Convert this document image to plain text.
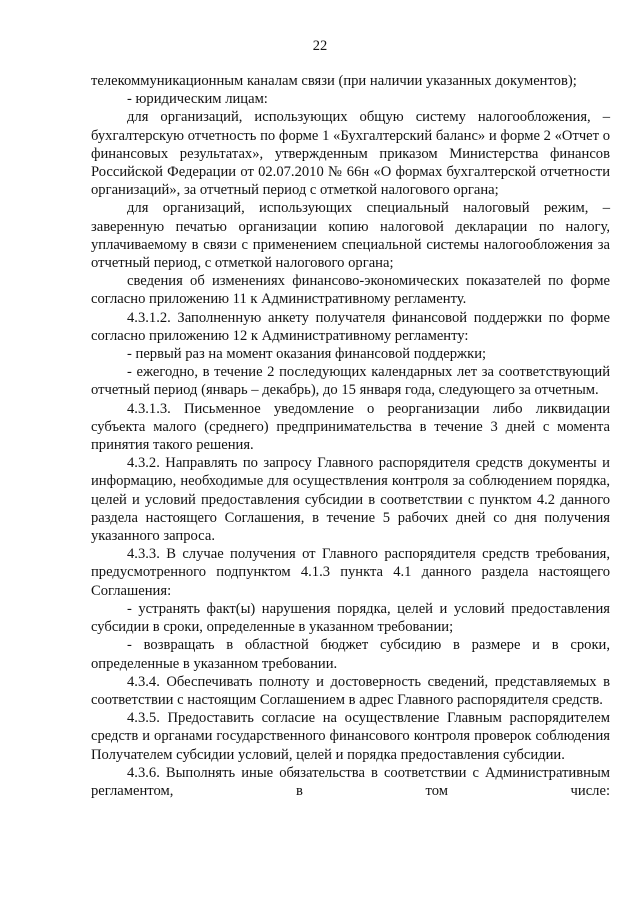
22

телекоммуникационным каналам связи (при наличии указанных документов);

- юридическим лицам:

для организаций, использующих общую систему налогообложения, – бухгалтерскую отчетность по форме 1 «Бухгалтерский баланс» и форме 2 «Отчет о финансовых результатах», утвержденным приказом Министерства финансов Российской Федерации от 02.07.2010 № 66н «О формах бухгалтерской отчетности организаций», за отчетный период с отметкой налогового органа;

для организаций, использующих специальный налоговый режим, – заверенную печатью организации копию налоговой декларации по налогу, уплачиваемому в связи с применением специальной системы налогообложения за отчетный период, с отметкой налогового органа;

сведения об изменениях финансово-экономических показателей по форме согласно приложению 11 к Административному регламенту.

4.3.1.2. Заполненную анкету получателя финансовой поддержки по форме согласно приложению 12 к Административному регламенту:

- первый раз на момент оказания финансовой поддержки;

- ежегодно, в течение 2 последующих календарных лет за соответствующий отчетный период (январь – декабрь), до 15 января года, следующего за отчетным.

4.3.1.3. Письменное уведомление о реорганизации либо ликвидации субъекта малого (среднего) предпринимательства в течение 3 дней с момента принятия такого решения.

4.3.2. Направлять по запросу Главного распорядителя средств документы и информацию, необходимые для осуществления контроля за соблюдением порядка, целей и условий предоставления субсидии в соответствии с пунктом 4.2 данного раздела настоящего Соглашения, в течение 5 рабочих дней со дня получения указанного запроса.

4.3.3. В случае получения от Главного распорядителя средств требования, предусмотренного подпунктом 4.1.3 пункта 4.1 данного раздела настоящего Соглашения:

- устранять факт(ы) нарушения порядка, целей и условий предоставления субсидии в сроки, определенные в указанном требовании;

- возвращать в областной бюджет субсидию в размере и в сроки, определенные в указанном требовании.

4.3.4. Обеспечивать полноту и достоверность сведений, представляемых в соответствии с настоящим Соглашением в адрес Главного распорядителя средств.

4.3.5. Предоставить согласие на осуществление Главным распорядителем средств и органами государственного финансового контроля проверок соблюдения Получателем субсидии условий, целей и порядка предоставления субсидии.

4.3.6. Выполнять иные обязательства в соответствии с Административным регламентом, в том числе:
